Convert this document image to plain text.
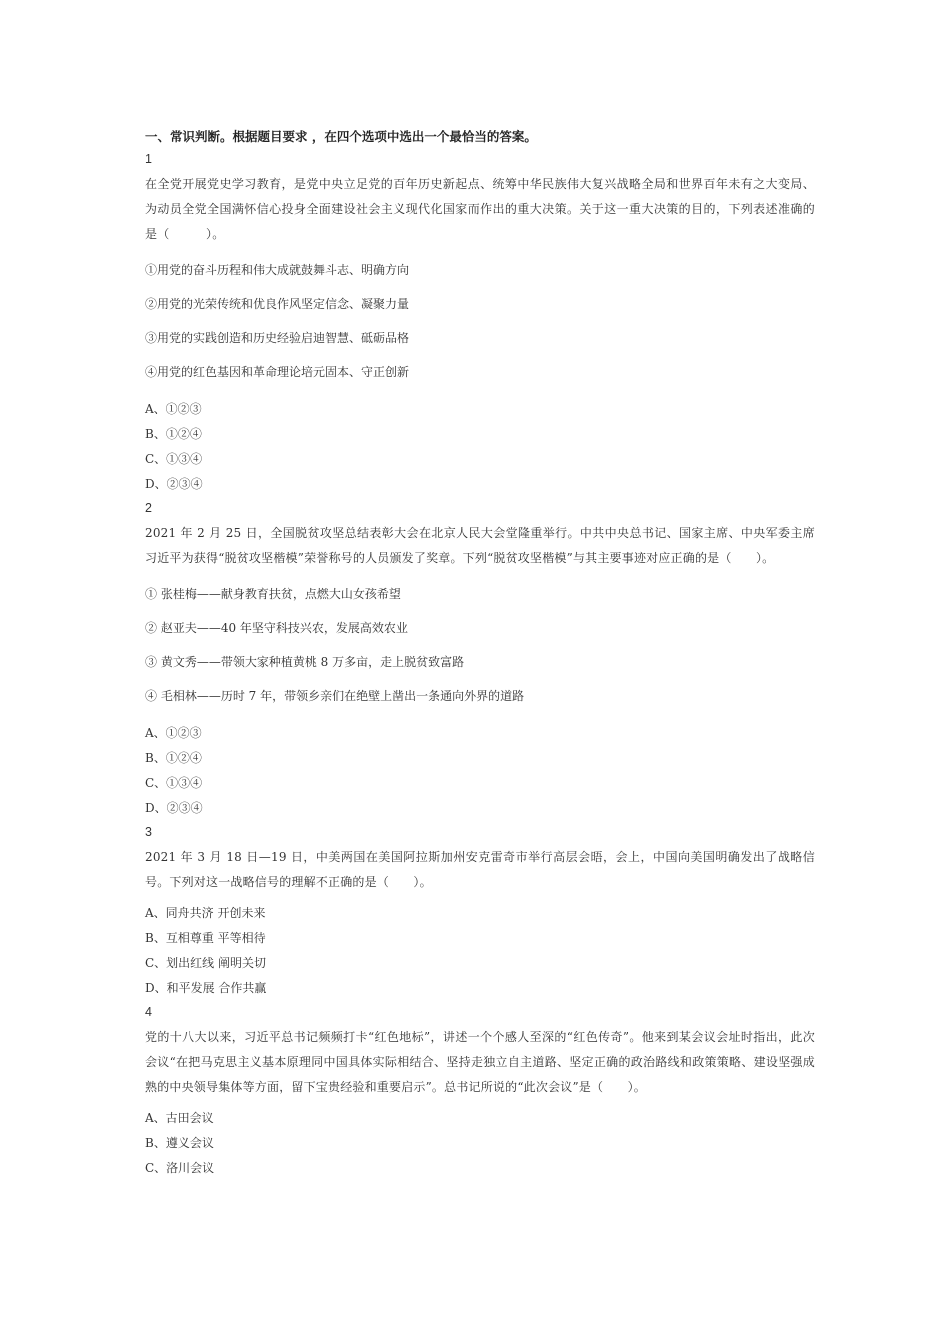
一、常识判断。根据题目要求 ，在四个选项中选出一个最恰当的答案。
1
在全党开展党史学习教育，是党中央立足党的百年历史新起点、统筹中华民族伟大复兴战略全局和世界百年未有之大变局、为动员全党全国满怀信心投身全面建设社会主义现代化国家而作出的重大决策。关于这一重大决策的目的，下列表述准确的是（　　　）。
①用党的奋斗历程和伟大成就鼓舞斗志、明确方向
②用党的光荣传统和优良作风坚定信念、凝聚力量
③用党的实践创造和历史经验启迪智慧、砥砺品格
④用党的红色基因和革命理论培元固本、守正创新
A、①②③
B、①②④
C、①③④
D、②③④
2
2021 年 2 月 25 日，全国脱贫攻坚总结表彰大会在北京人民大会堂隆重举行。中共中央总书记、国家主席、中央军委主席习近平为获得“脱贫攻坚楷模”荣誉称号的人员颁发了奖章。下列“脱贫攻坚楷模”与其主要事迹对应正确的是（　　）。
① 张桂梅——献身教育扶贫，点燃大山女孩希望
② 赵亚夫——40 年坚守科技兴农，发展高效农业
③ 黄文秀——带领大家种植黄桃 8 万多亩，走上脱贫致富路
④ 毛相林——历时 7 年，带领乡亲们在绝壁上凿出一条通向外界的道路
A、①②③
B、①②④
C、①③④
D、②③④
3
2021 年 3 月 18 日—19 日，中美两国在美国阿拉斯加州安克雷奇市举行高层会晤，会上，中国向美国明确发出了战略信号。下列对这一战略信号的理解不正确的是（　　）。
A、同舟共济 开创未来
B、互相尊重 平等相待
C、划出红线 阐明关切
D、和平发展 合作共赢
4
党的十八大以来，习近平总书记频频打卡“红色地标”，讲述一个个感人至深的“红色传奇”。他来到某会议会址时指出，此次会议“在把马克思主义基本原理同中国具体实际相结合、坚持走独立自主道路、坚定正确的政治路线和政策策略、建设坚强成熟的中央领导集体等方面，留下宝贵经验和重要启示”。总书记所说的“此次会议”是（　　）。
A、古田会议
B、遵义会议
C、洛川会议
